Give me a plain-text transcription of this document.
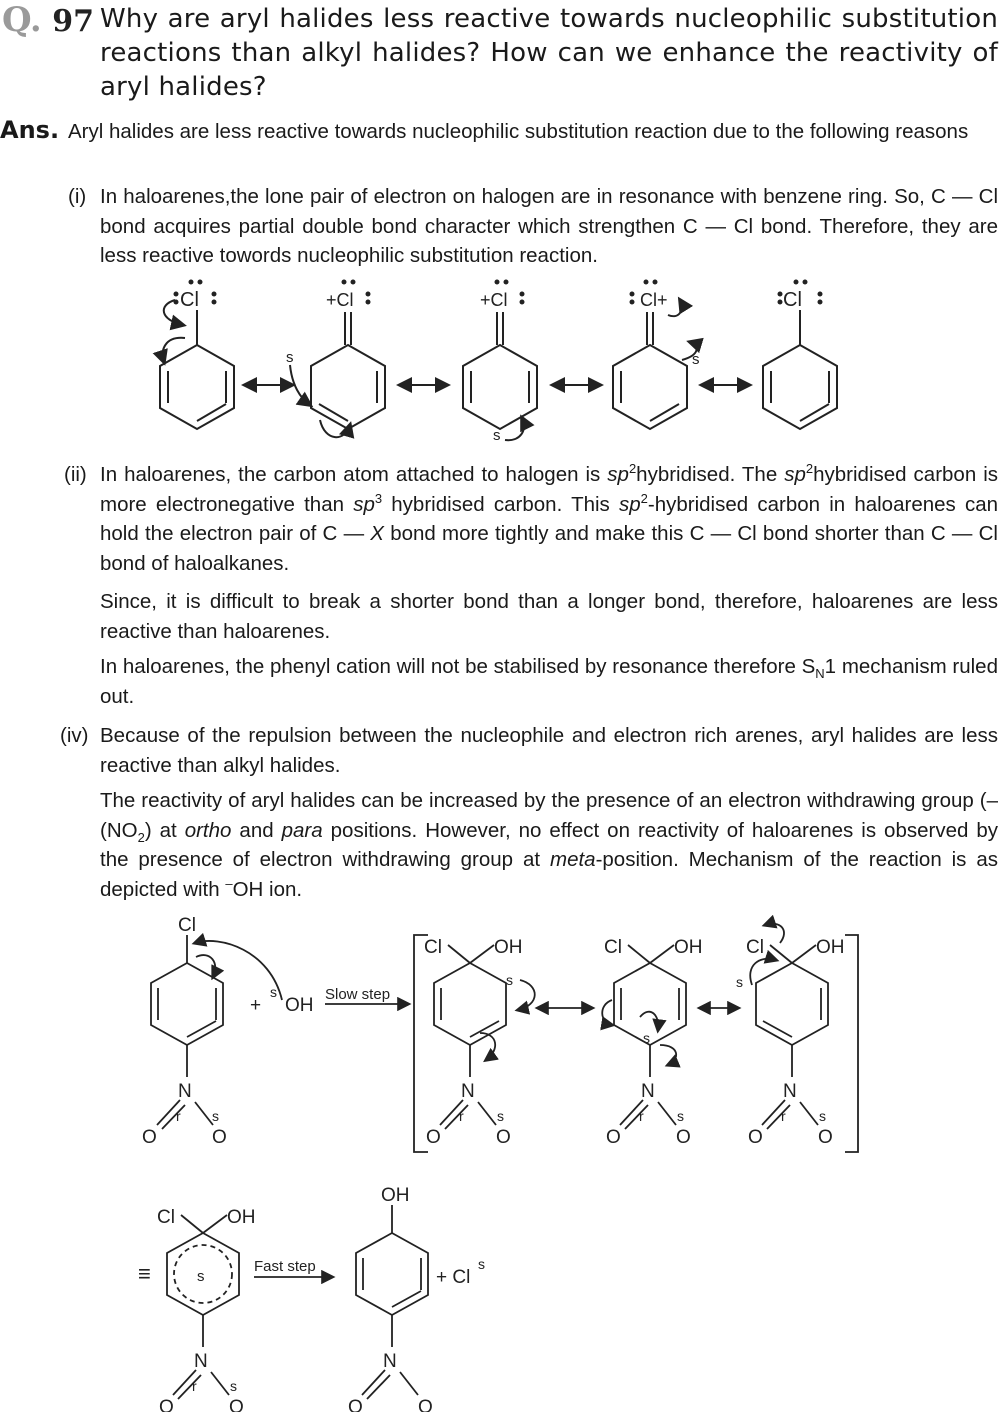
Q. 97 Why are aryl halides less reactive towards nucleophilic substitution reactions than alkyl halides? How can we enhance the reactivity of aryl halides?
Ans. Aryl halides are less reactive towards nucleophilic substitution reaction due to the following reasons
(i) In haloarenes,the lone pair of electron on halogen are in resonance with benzene ring. So, C — Cl bond acquires partial double bond character which strengthen C — Cl bond. Therefore, they are less reactive towords nucleophilic substitution reaction.
Cl	+Cl	+Cl	Cl+	Cl
s
s
s
(ii) In haloarenes, the carbon atom attached to halogen is $sp^2hybridised$. The $sp^2hybridised$ carbon is more electronegative than $sp^3$ hybridised carbon. This $sp^2$-hybridised carbon in haloarenes can hold the electron pair of C — X bond more tightly and make this C — Cl bond shorter than C — Cl bond of haloalkanes.
Since, it is difficult to break a shorter bond than a longer bond, therefore, haloarenes are less reactive than haloarenes.
In haloarenes, the phenyl cation will not be stabilised by resonance therefore $S_N1$ mechanism ruled out.
(iv) Because of the repulsion between the nucleophile and electron rich arenes, aryl halides are less reactive than alkyl halides.
The reactivity of aryl halides can be increased by the presence of an electron withdrawing group ($-(NO_2)$ at ortho and para positions. However, no effect on reactivity of haloarenes is observed by the presence of electron withdrawing group at meta-position. Mechanism of the reaction is as depicted with –OH ion.
Cl
N
O	O
r s
+
s
OH
Slow step
Cl	OH
s
N
O	O
r s
Cl	OH
s
N
O	O
r s
Cl	OH
s
N
O	O
r s
≡
Cl	OH
s
N
O	O
r s
Fast step
OH
N
O	O
+ Cl
s
